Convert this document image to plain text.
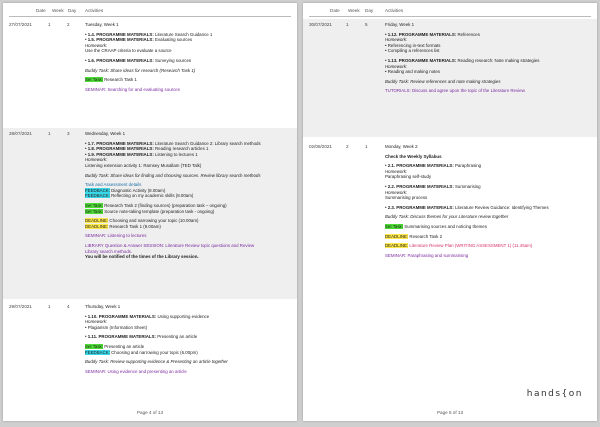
Date Week Day Activities
27/07/2021	1	2	Tuesday, Week 1
• 1.4. PROGRAMME MATERIALS: Literature Search Guidance 1
• 1.5. PROGRAMME MATERIALS: Evaluating sources
Homework:
Use the CRAAP criteria to evaluate a source
• 1.6. PROGRAMME MATERIALS: Surveying sources
Buddy Task: Share ideas for research (Research Task 1)
Set Task: Research Task 1
SEMINAR: Searching for and evaluating sources
28/07/2021	1	3	Wednesday, Week 1
• 1.7. PROGRAMME MATERIALS: Literature Search Guidance 2: Library search methods
• 1.8. PROGRAMME MATERIALS: Reading research articles 1
• 1.9. PROGRAMME MATERIALS: Listening to lectures 1
Homework:
Listening extension activity 1: Ramsey Musallam (TED Talk)
Buddy Task: Share ideas for finding and choosing sources. Review library search methods
Task and Assessment details
FEEDBACK: Diagnostic Activity (8.00am)
FEEDBACK: Reflecting on my academic skills (8.00am)
Set Task: Research Task 2 (finding sources) (preparation task – ongoing)
Set Task: Source note-taking template (preparation task - ongoing)
DEADLINE: Choosing and narrowing your topic (10.00am)
DEADLINE: Research Task 1 (9.00am)
SEMINAR: Listening to lectures
LIBRARY Question & Answer SESSION: Literature Review topic questions and Review
Library search methods.
You will be notified of the times of the Library session.
29/07/2021	1	4	Thursday, Week 1
• 1.10. PROGRAMME MATERIALS: Using supporting evidence
Homework:
• Plagiarism (Information Sheet)
• 1.11. PROGRAMME MATERIALS: Presenting an article
Set Task: Presenting an article
FEEDBACK: Choosing and narrowing your topic (6.00pm)
Buddy Task: Review supporting evidence & Presenting an article together
SEMINAR: Using evidence and presenting an article
Page 4 of 13
Date Week Day	Activities
30/07/2021	1	5	Friday, Week 1
• 1.12. PROGRAMME MATERIALS: References
Homework:
• Referencing in-text formats
• Compiling a references list
• 1.13. PROGRAMME MATERIALS: Reading research: Note making strategies
Homework:
• Reading and making notes
Buddy Task: Review references and note making strategies
TUTORIALS: Discuss and agree upon the topic of the Literature Review.
02/08/2021	2	1	Monday, Week 2
Check the Weekly Syllabus
• 2.1. PROGRAMME MATERIALS: Paraphrasing
Homework:
Paraphrasing self-study
• 2.2. PROGRAMME MATERIALS: Summarising
Homework:
Summarising process
• 2.3. PROGRAMME MATERIALS: Literature Review Guidance: Identifying Themes
Buddy Task: Discuss themes for your Literature review together
Set Task: Summarising sources and noticing themes
DEADLINE: Research Task 2
DEADLINE: Literature Review Plan (WRITING ASSESSMENT 1) (11.45am)
SEMINAR: Paraphrasing and summarising
hands{on
Page 5 of 13
